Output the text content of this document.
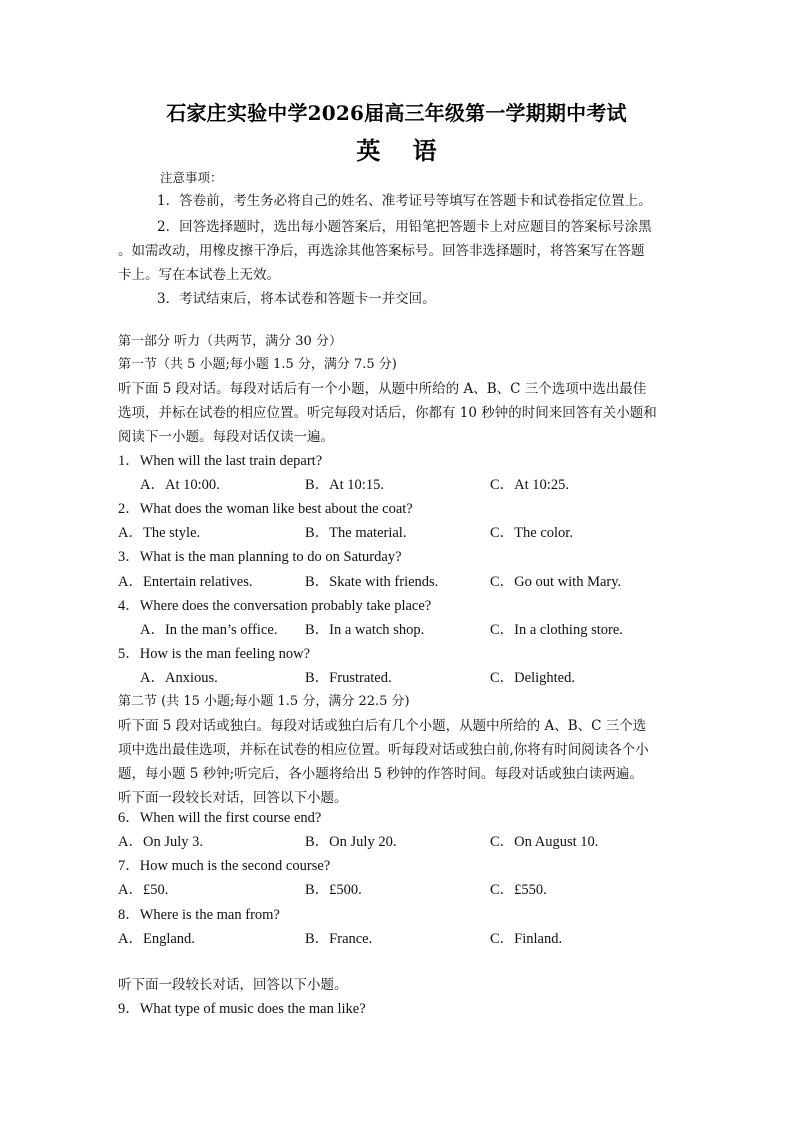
石家庄实验中学2026届高三年级第一学期期中考试
英 语
注意事项：
1．答卷前，考生务必将自己的姓名、准考证号等填写在答题卡和试卷指定位置上。
2．回答选择题时，选出每小题答案后，用铅笔把答题卡上对应题目的答案标号涂黑
。如需改动，用橡皮擦干净后，再选涂其他答案标号。回答非选择题时，将答案写在答题
卡上。写在本试卷上无效。
3．考试结束后，将本试卷和答题卡一并交回。
第一部分 听力（共两节，满分 30 分）
第一节（共 5 小题;每小题 1.5 分，满分 7.5 分)
听下面 5 段对话。每段对话后有一个小题，从题中所给的 A、B、C 三个选项中选出最佳
选项，并标在试卷的相应位置。听完每段对话后，你都有 10 秒钟的时间来回答有关小题和
阅读下一小题。每段对话仅读一遍。
1．When will the last train depart?
A．At 10:00.	B．At 10:15.	C．At 10:25.
2．What does the woman like best about the coat?
A．The style.	B．The material.	C．The color.
3．What is the man planning to do on Saturday?
A．Entertain relatives.	B．Skate with friends.	C．Go out with Mary.
4．Where does the conversation probably take place?
A．In the man’s office. B．In a watch shop.	C．In a clothing store.
5．How is the man feeling now?
A．Anxious.	B．Frustrated.	C．Delighted.
第二节 (共 15 小题;每小题 1.5 分，满分 22.5 分)
听下面 5 段对话或独白。每段对话或独白后有几个小题，从题中所给的 A、B、C 三个选
项中选出最佳选项，并标在试卷的相应位置。听每段对话或独白前,你将有时间阅读各个小
题，每小题 5 秒钟;听完后，各小题将给出 5 秒钟的作答时间。每段对话或独白读两遍。
听下面一段较长对话，回答以下小题。
6．When will the first course end?
A．On July 3.	B．On July 20.	C．On August 10.
7．How much is the second course?
A．£50.	B．£500.	C．£550.
8．Where is the man from?
A．England.	B．France.	C．Finland.
听下面一段较长对话，回答以下小题。
9．What type of music does the man like?
